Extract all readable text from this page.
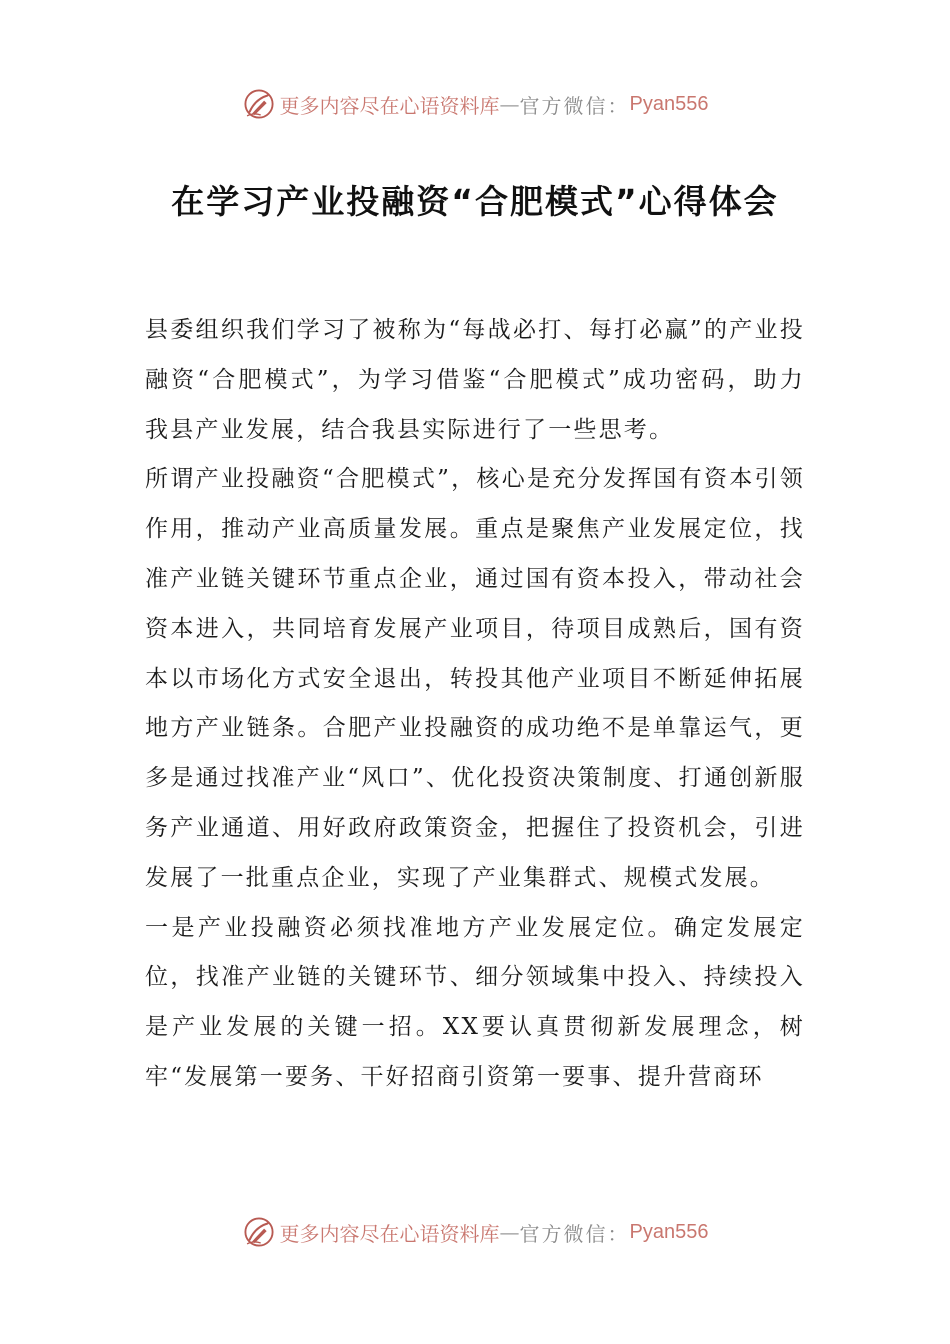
更多内容尽在心语资料库 — 官方微信： Pyan556
在学习产业投融资“合肥模式”心得体会

县委组织我们学习了被称为“每战必打、每打必赢”的产业投融资“合肥模式”，为学习借鉴“合肥模式”成功密码，助力我县产业发展，结合我县实际进行了一些思考。

所谓产业投融资“合肥模式”，核心是充分发挥国有资本引领作用，推动产业高质量发展。重点是聚焦产业发展定位，找准产业链关键环节重点企业，通过国有资本投入，带动社会资本进入，共同培育发展产业项目，待项目成熟后，国有资本以市场化方式安全退出，转投其他产业项目不断延伸拓展地方产业链条。合肥产业投融资的成功绝不是单靠运气，更多是通过找准产业“风口”、优化投资决策制度、打通创新服务产业通道、用好政府政策资金，把握住了投资机会，引进发展了一批重点企业，实现了产业集群式、规模式发展。

一是产业投融资必须找准地方产业发展定位。确定发展定位，找准产业链的关键环节、细分领域集中投入、持续投入是产业发展的关键一招。XX要认真贯彻新发展理念，树牢“发展第一要务、干好招商引资第一要事、提升营商环

更多内容尽在心语资料库 — 官方微信： Pyan556
